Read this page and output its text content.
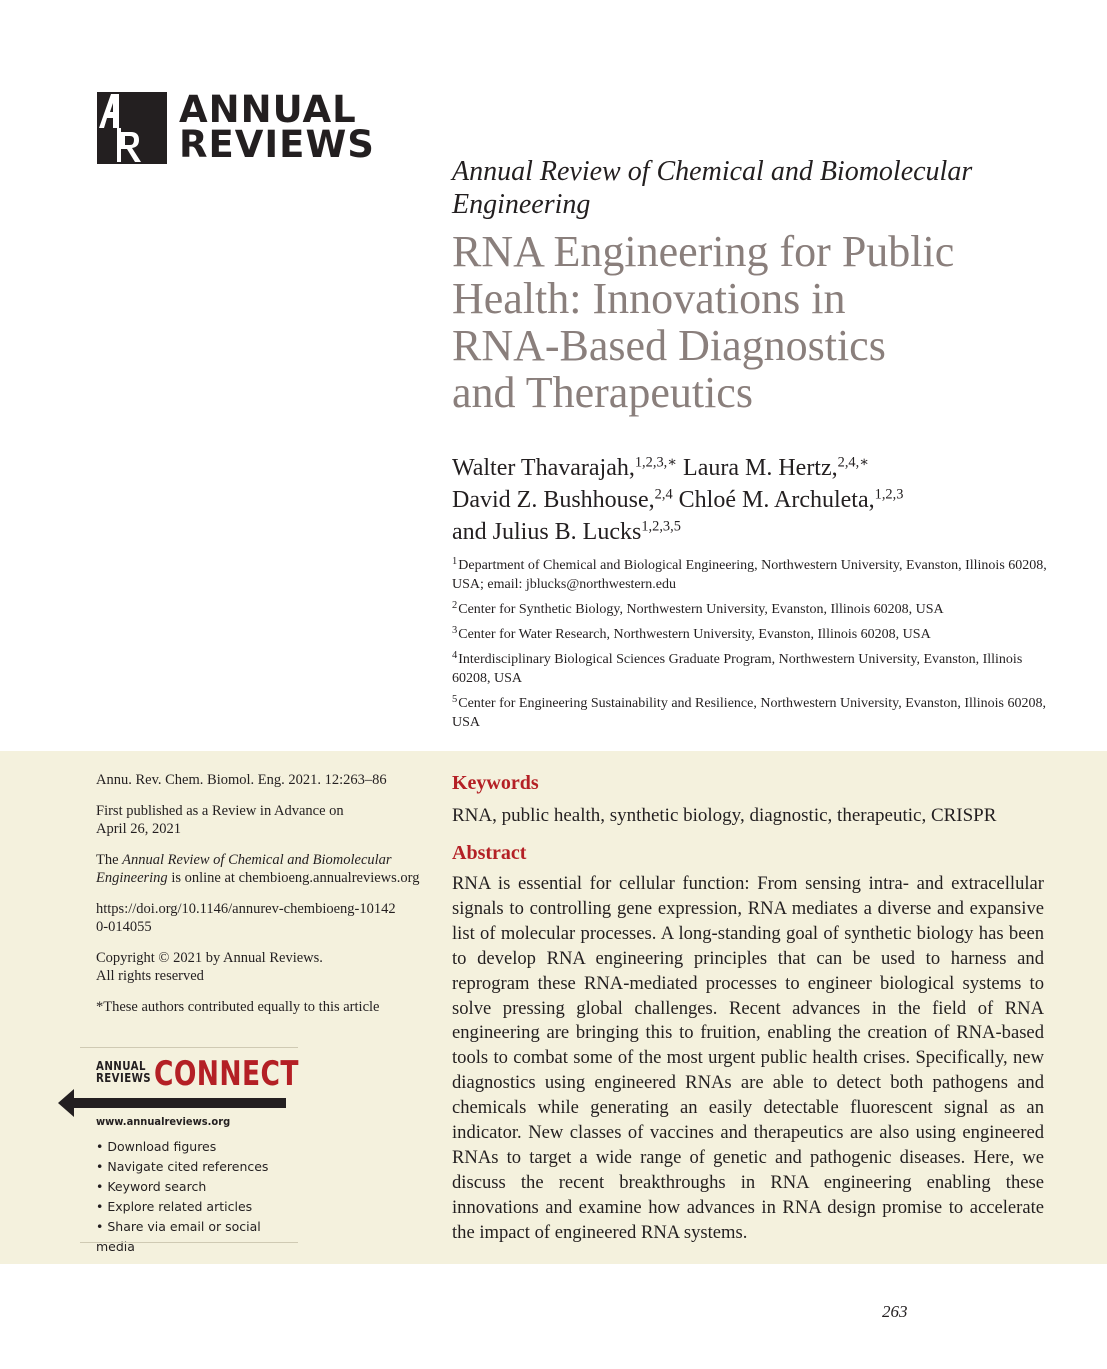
ANNUAL
REVIEWS
Annual Review of Chemical and Biomolecular Engineering
RNA Engineering for Public
Health: Innovations in
RNA-Based Diagnostics
and Therapeutics
Walter Thavarajah,$^{1,2,3,∗}$ Laura M. Hertz,$^{2,4,∗}$
David Z. Bushhouse,$^{2,4}$ Chloé M. Archuleta,$^{1,2,3}$
and Julius B. Lucks$^{1,2,3,5}$
$^1$Department of Chemical and Biological Engineering, Northwestern University, Evanston, Illinois 60208, USA; email: jblucks@northwestern.edu
$^2$Center for Synthetic Biology, Northwestern University, Evanston, Illinois 60208, USA
$^3$Center for Water Research, Northwestern University, Evanston, Illinois 60208, USA
$^4$Interdisciplinary Biological Sciences Graduate Program, Northwestern University, Evanston, Illinois 60208, USA
$^5$Center for Engineering Sustainability and Resilience, Northwestern University, Evanston, Illinois 60208, USA

Annu. Rev. Chem. Biomol. Eng. 2021. 12:263–86

First published as a Review in Advance on April 26, 2021

The Annual Review of Chemical and Biomolecular Engineering is online at chembioeng.annualreviews.org

https://doi.org/10.1146/annurev-chembioeng-101420-014055

Copyright © 2021 by Annual Reviews.
All rights reserved

*These authors contributed equally to this article

ANNUAL
REVIEWS CONNECT
www.annualreviews.org
• Download figures
• Navigate cited references
• Keyword search
• Explore related articles
• Share via email or social media
Keywords

RNA, public health, synthetic biology, diagnostic, therapeutic, CRISPR

Abstract

RNA is essential for cellular function: From sensing intra- and extracellular signals to controlling gene expression, RNA mediates a diverse and expansive list of molecular processes. A long-standing goal of synthetic biology has been to develop RNA engineering principles that can be used to harness and reprogram these RNA-mediated processes to engineer biological systems to solve pressing global challenges. Recent advances in the field of RNA engineering are bringing this to fruition, enabling the creation of RNA-based tools to combat some of the most urgent public health crises. Specifically, new diagnostics using engineered RNAs are able to detect both pathogens and chemicals while generating an easily detectable fluorescent signal as an indicator. New classes of vaccines and therapeutics are also using engineered RNAs to target a wide range of genetic and pathogenic diseases. Here, we discuss the recent breakthroughs in RNA engineering enabling these innovations and examine how advances in RNA design promise to accelerate the impact of engineered RNA systems.

263
